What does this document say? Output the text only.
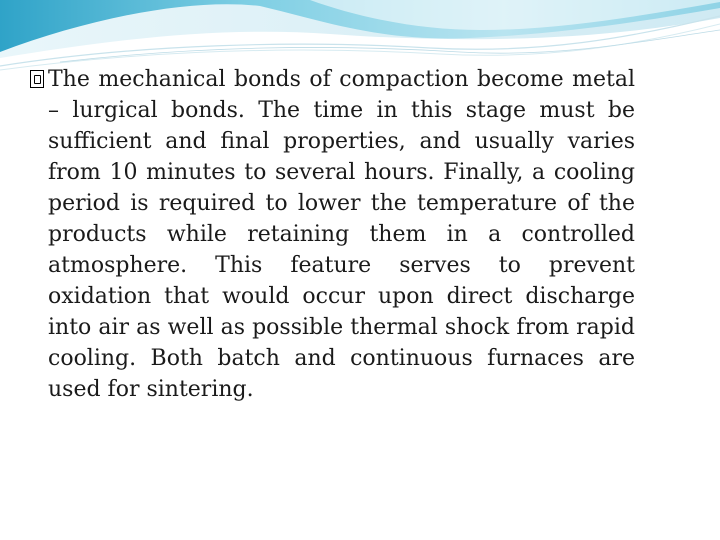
The mechanical bonds of compaction become metal – lurgical bonds. The time in this stage must be sufficient and final properties, and usually varies from 10 minutes to several hours. Finally, a cooling period is required to lower the temperature of the products while retaining them in a controlled atmosphere. This feature serves to prevent oxidation that would occur upon direct discharge into air as well as possible thermal shock from rapid cooling. Both batch and continuous furnaces are used for sintering.
